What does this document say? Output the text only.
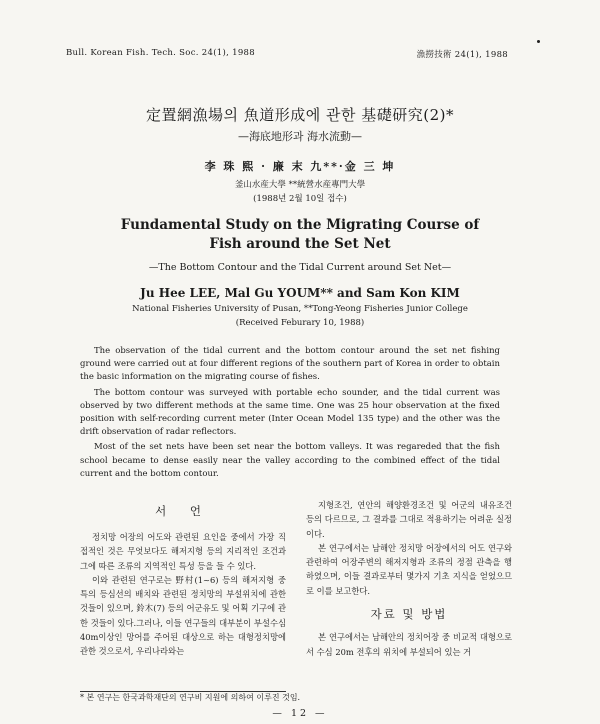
Bull. Korean Fish. Tech. Soc. 24(1), 1988	漁撈技術 24(1), 1988
定置網漁場의 魚道形成에 관한 基礎研究(2)*
—海底地形과 海水流動—
李 珠 熙 · 廉 末 九**·金 三 坤
釜山水産大學 **統營水産專門大學
(1988년 2월 10일 접수)
Fundamental Study on the Migrating Course of Fish around the Set Net
—The Bottom Contour and the Tidal Current around Set Net—
Ju Hee LEE, Mal Gu YOUM** and Sam Kon KIM
National Fisheries University of Pusan, **Tong-Yeong Fisheries Junior College
(Received Feburary 10, 1988)

The observation of the tidal current and the bottom contour around the set net fishing ground were carried out at four different regions of the southern part of Korea in order to obtain the basic information on the migrating course of fishes.

The bottom contour was surveyed with portable echo sounder, and the tidal current was observed by two different methods at the same time. One was 25 hour observation at the fixed position with self-recording current meter (Inter Ocean Model 135 type) and the other was the drift observation of radar reflectors.

Most of the set nets have been set near the bottom valleys. It was regareded that the fish school became to dense easily near the valley according to the combined effect of the tidal current and the bottom contour.

서 언

정치망 어장의 어도와 관련된 요인을 중에서 가장 직접적인 것은 무엇보다도 해저지형 등의 지리적인 조건과 그에 따른 조류의 지역적인 특성 등을 들 수 있다.

이와 관련된 연구로는 野村(1~6) 등의 해저지형 중 특의 등심선의 배치와 관련된 정치망의 부설위치에 관한 것들이 있으며, 鈴木(7) 등의 어군유도 및 어획 기구에 관한 것들이 있다.그러나, 이들 연구들의 대부분이 부설수심 40m이상인 망어를 주어된 대상으로 하는 대형정치망에 관한 것으로서, 우리나라와는

지형조건, 연안의 해양환경조건 및 어군의 내유조건 등의 다르므로, 그 결과를 그대로 적용하기는 어려운 실정이다.

본 연구에서는 남해안 정치망 어장에서의 어도 연구와 관련하여 어장주변의 해저지형과 조류의 정점 관측을 행하였으며, 이들 결과로부터 몇가지 기초 지식을 얻었으므로 이를 보고한다.

자료 및 방법

본 연구에서는 남해안의 정치어장 중 비교적 대형으로서 수심 20m 전후의 위치에 부설되어 있는 거

* 본 연구는 한국과학재단의 연구비 지원에 의하여 이루진 것임.
— 12 —
